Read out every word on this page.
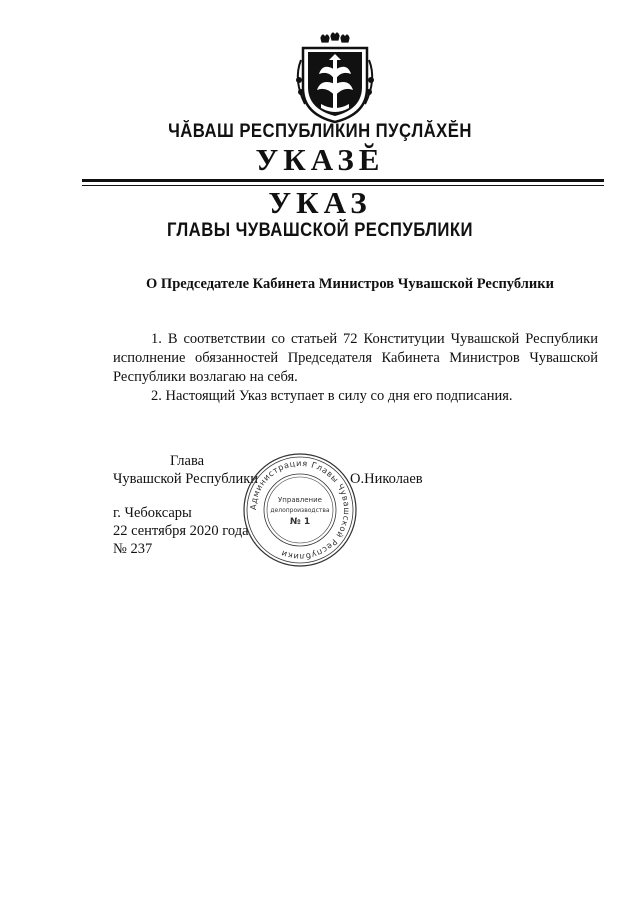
ЧĂВАШ РЕСПУБЛИКИН ПУÇЛĂХĔН
УКАЗĔ
УКАЗ
ГЛАВЫ ЧУВАШСКОЙ РЕСПУБЛИКИ
О Председателе Кабинета Министров Чувашской Республики

1. В соответствии со статьей 72 Конституции Чувашской Республики исполнение обязанностей Председателя Кабинета Министров Чувашской Республики возлагаю на себя.

2. Настоящий Указ вступает в силу со дня его подписания.

Глава
Чувашской Республики	О.Николаев
г. Чебоксары
22 сентября 2020 года
№ 237
Администрация Главы Чувашской Республики
Управление
делопроизводства
№ 1
